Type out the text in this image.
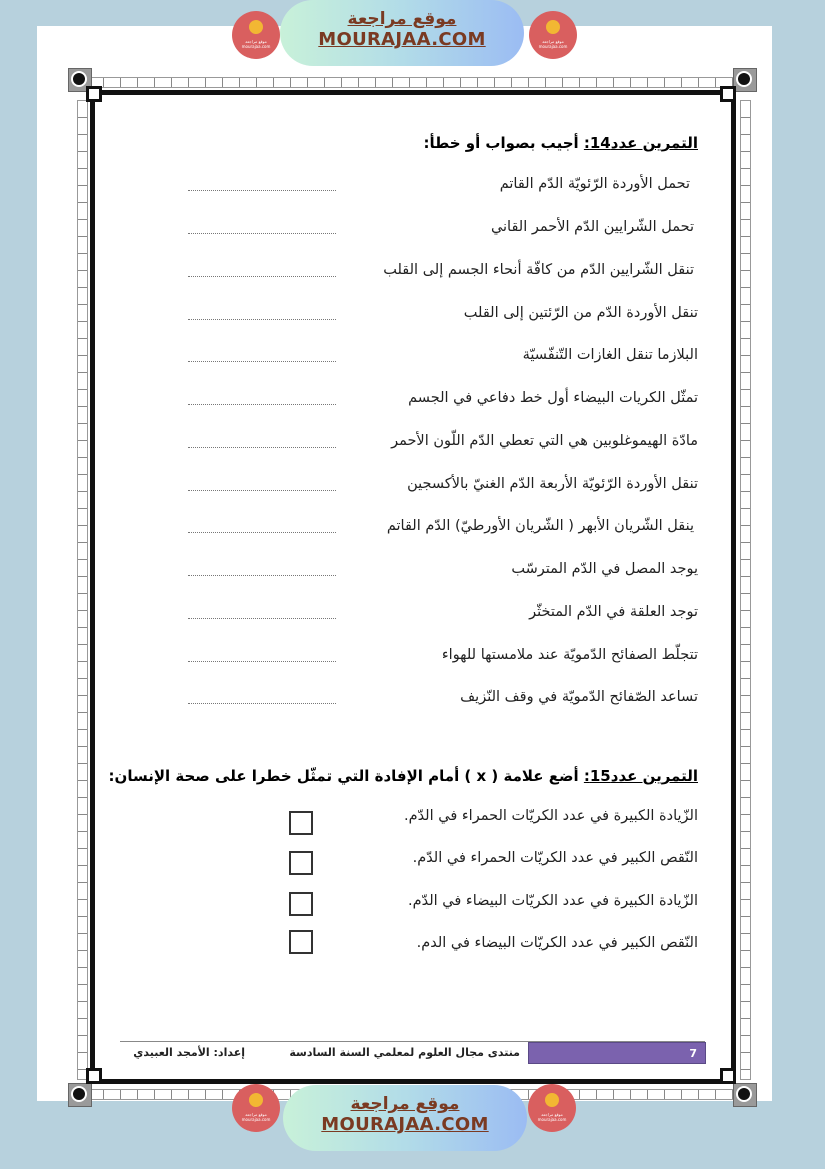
التمرين عدد14: أجيب بصواب أو خطأ:
تحمل الأوردة الرّئويّة الدّم القاتم
تحمل الشّرايين الدّم الأحمر القاني
تنقل الشّرايين الدّم من كافّة أنحاء الجسم إلى القلب
تنقل الأوردة الدّم من الرّئتين إلى القلب
البلازما تنقل الغازات التّنفّسيّة
تمثّل الكريات البيضاء أول خط دفاعي في الجسم
مادّة الهيموغلوبين هي التي تعطي الدّم اللّون الأحمر
تنقل الأوردة الرّئويّة الأربعة الدّم الغنيّ بالأكسجين
ينقل الشّريان الأبهر ( الشّريان الأورطيّ) الدّم القاتم
يوجد المصل في الدّم المترسّب
توجد العلقة في الدّم المتخثّر
تتجلّط الصفائح الدّمويّة عند ملامستها للهواء
تساعد الصّفائح الدّمويّة في وقف النّزيف
التمرين عدد15: أضع علامة ( x ) أمام الإفادة التي تمثّل خطرا على صحة الإنسان:
الزّيادة الكبيرة في عدد الكريّات الحمراء في الدّم.
النّقص الكبير في عدد الكريّات الحمراء في الدّم.
الزّيادة الكبيرة في عدد الكريّات البيضاء في الدّم.
النّقص الكبير في عدد الكريّات البيضاء في الدم.
7
منتدى مجال العلوم لمعلمي السنة السادسة
إعداد: الأمجد العبيدي
موقع مراجعة
mourajaa.com
موقع مراجعة
MOURAJAA.COM	موقع مراجعة
mourajaa.com
موقع مراجعة
mourajaa.com
موقع مراجعة
MOURAJAA.COM	موقع مراجعة
mourajaa.com
